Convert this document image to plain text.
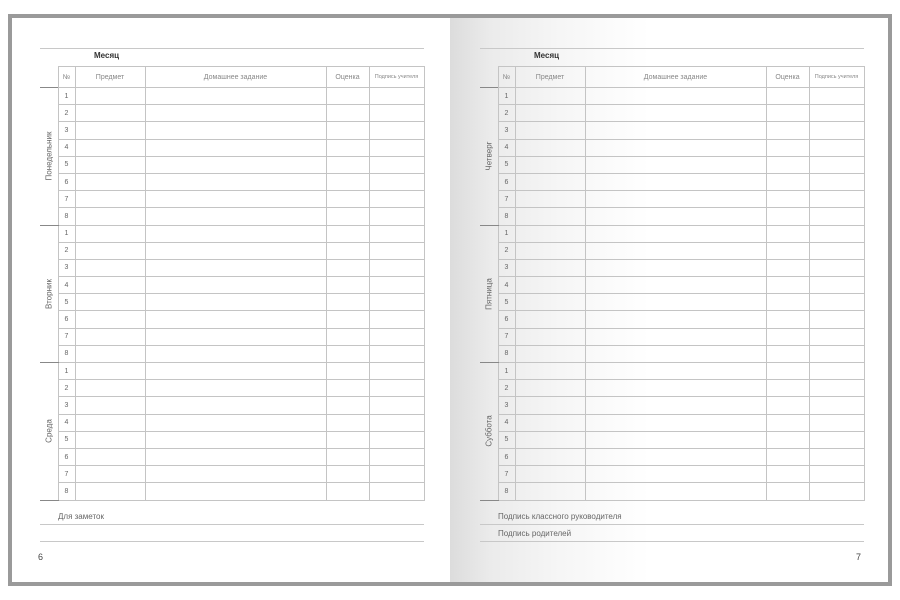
Месяц
	№	Предмет	Домашнее задание	Оценка	Подпись учителя

Понедельник	1				
	2				
	3				
	4				
	5				
	6				
	7				
	8				

Вторник	1				
	2				
	3				
	4				
	5				
	6				
	7				
	8				

Среда	1				
	2				
	3				
	4				
	5				
	6				
	7				
	8				
Для заметок
6
Месяц
	№	Предмет	Домашнее задание	Оценка	Подпись учителя

Четверг	1				
	2				
	3				
	4				
	5				
	6				
	7				
	8				

Пятница	1				
	2				
	3				
	4				
	5				
	6				
	7				
	8				

Суббота	1				
	2				
	3				
	4				
	5				
	6				
	7				
	8				
Подпись классного руководителя
Подпись родителей
7
